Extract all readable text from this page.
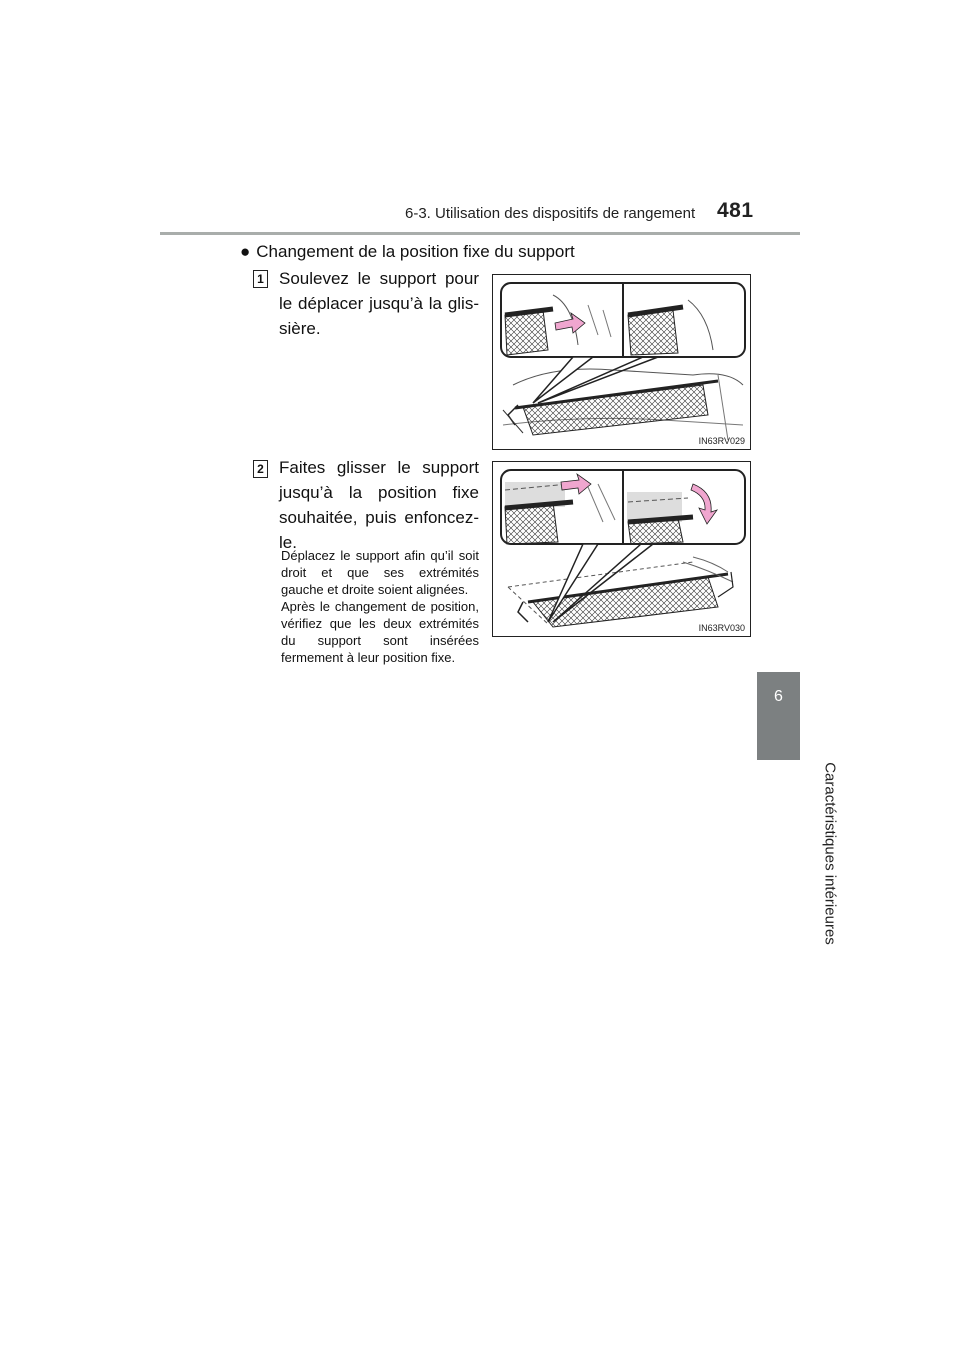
6-3. Utilisation des dispositifs de rangement 481
6
Caractéristiques intérieures
● Changement de la position fixe du support
1 Soulevez le support pour le déplacer jusqu’à la glissière.
IN63RV029
2 Faites glisser le support jusqu’à la position fixe souhaitée, puis enfoncez-le.
Déplacez le support afin qu’il soit droit et que ses extrémités gauche et droite soient alignées.
Après le changement de position, vérifiez que les deux extrémités du support sont insérées fermement à leur position fixe.
IN63RV030
